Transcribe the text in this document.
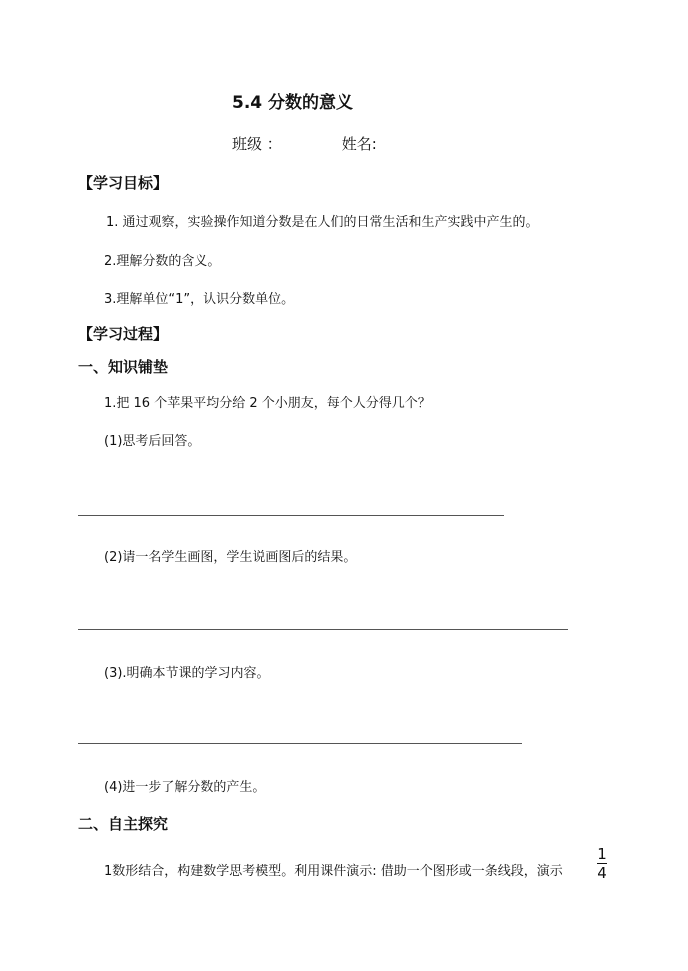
5.4 分数的意义
班级 ：	姓名:
【学习目标】
1. 通过观察，实验操作知道分数是在人们的日常生活和生产实践中产生的。
2.理解分数的含义。
3.理解单位“1”，认识分数单位。
【学习过程】
一、知识铺垫
1.把 16 个苹果平均分给 2 个小朋友，每个人分得几个？
(1)思考后回答。
(2)请一名学生画图，学生说画图后的结果。
(3).明确本节课的学习内容。
(4)进一步了解分数的产生。
二、自主探究
1数形结合，构建数学思考模型。利用课件演示: 借助一个图形或一条线段，演示
1
4
